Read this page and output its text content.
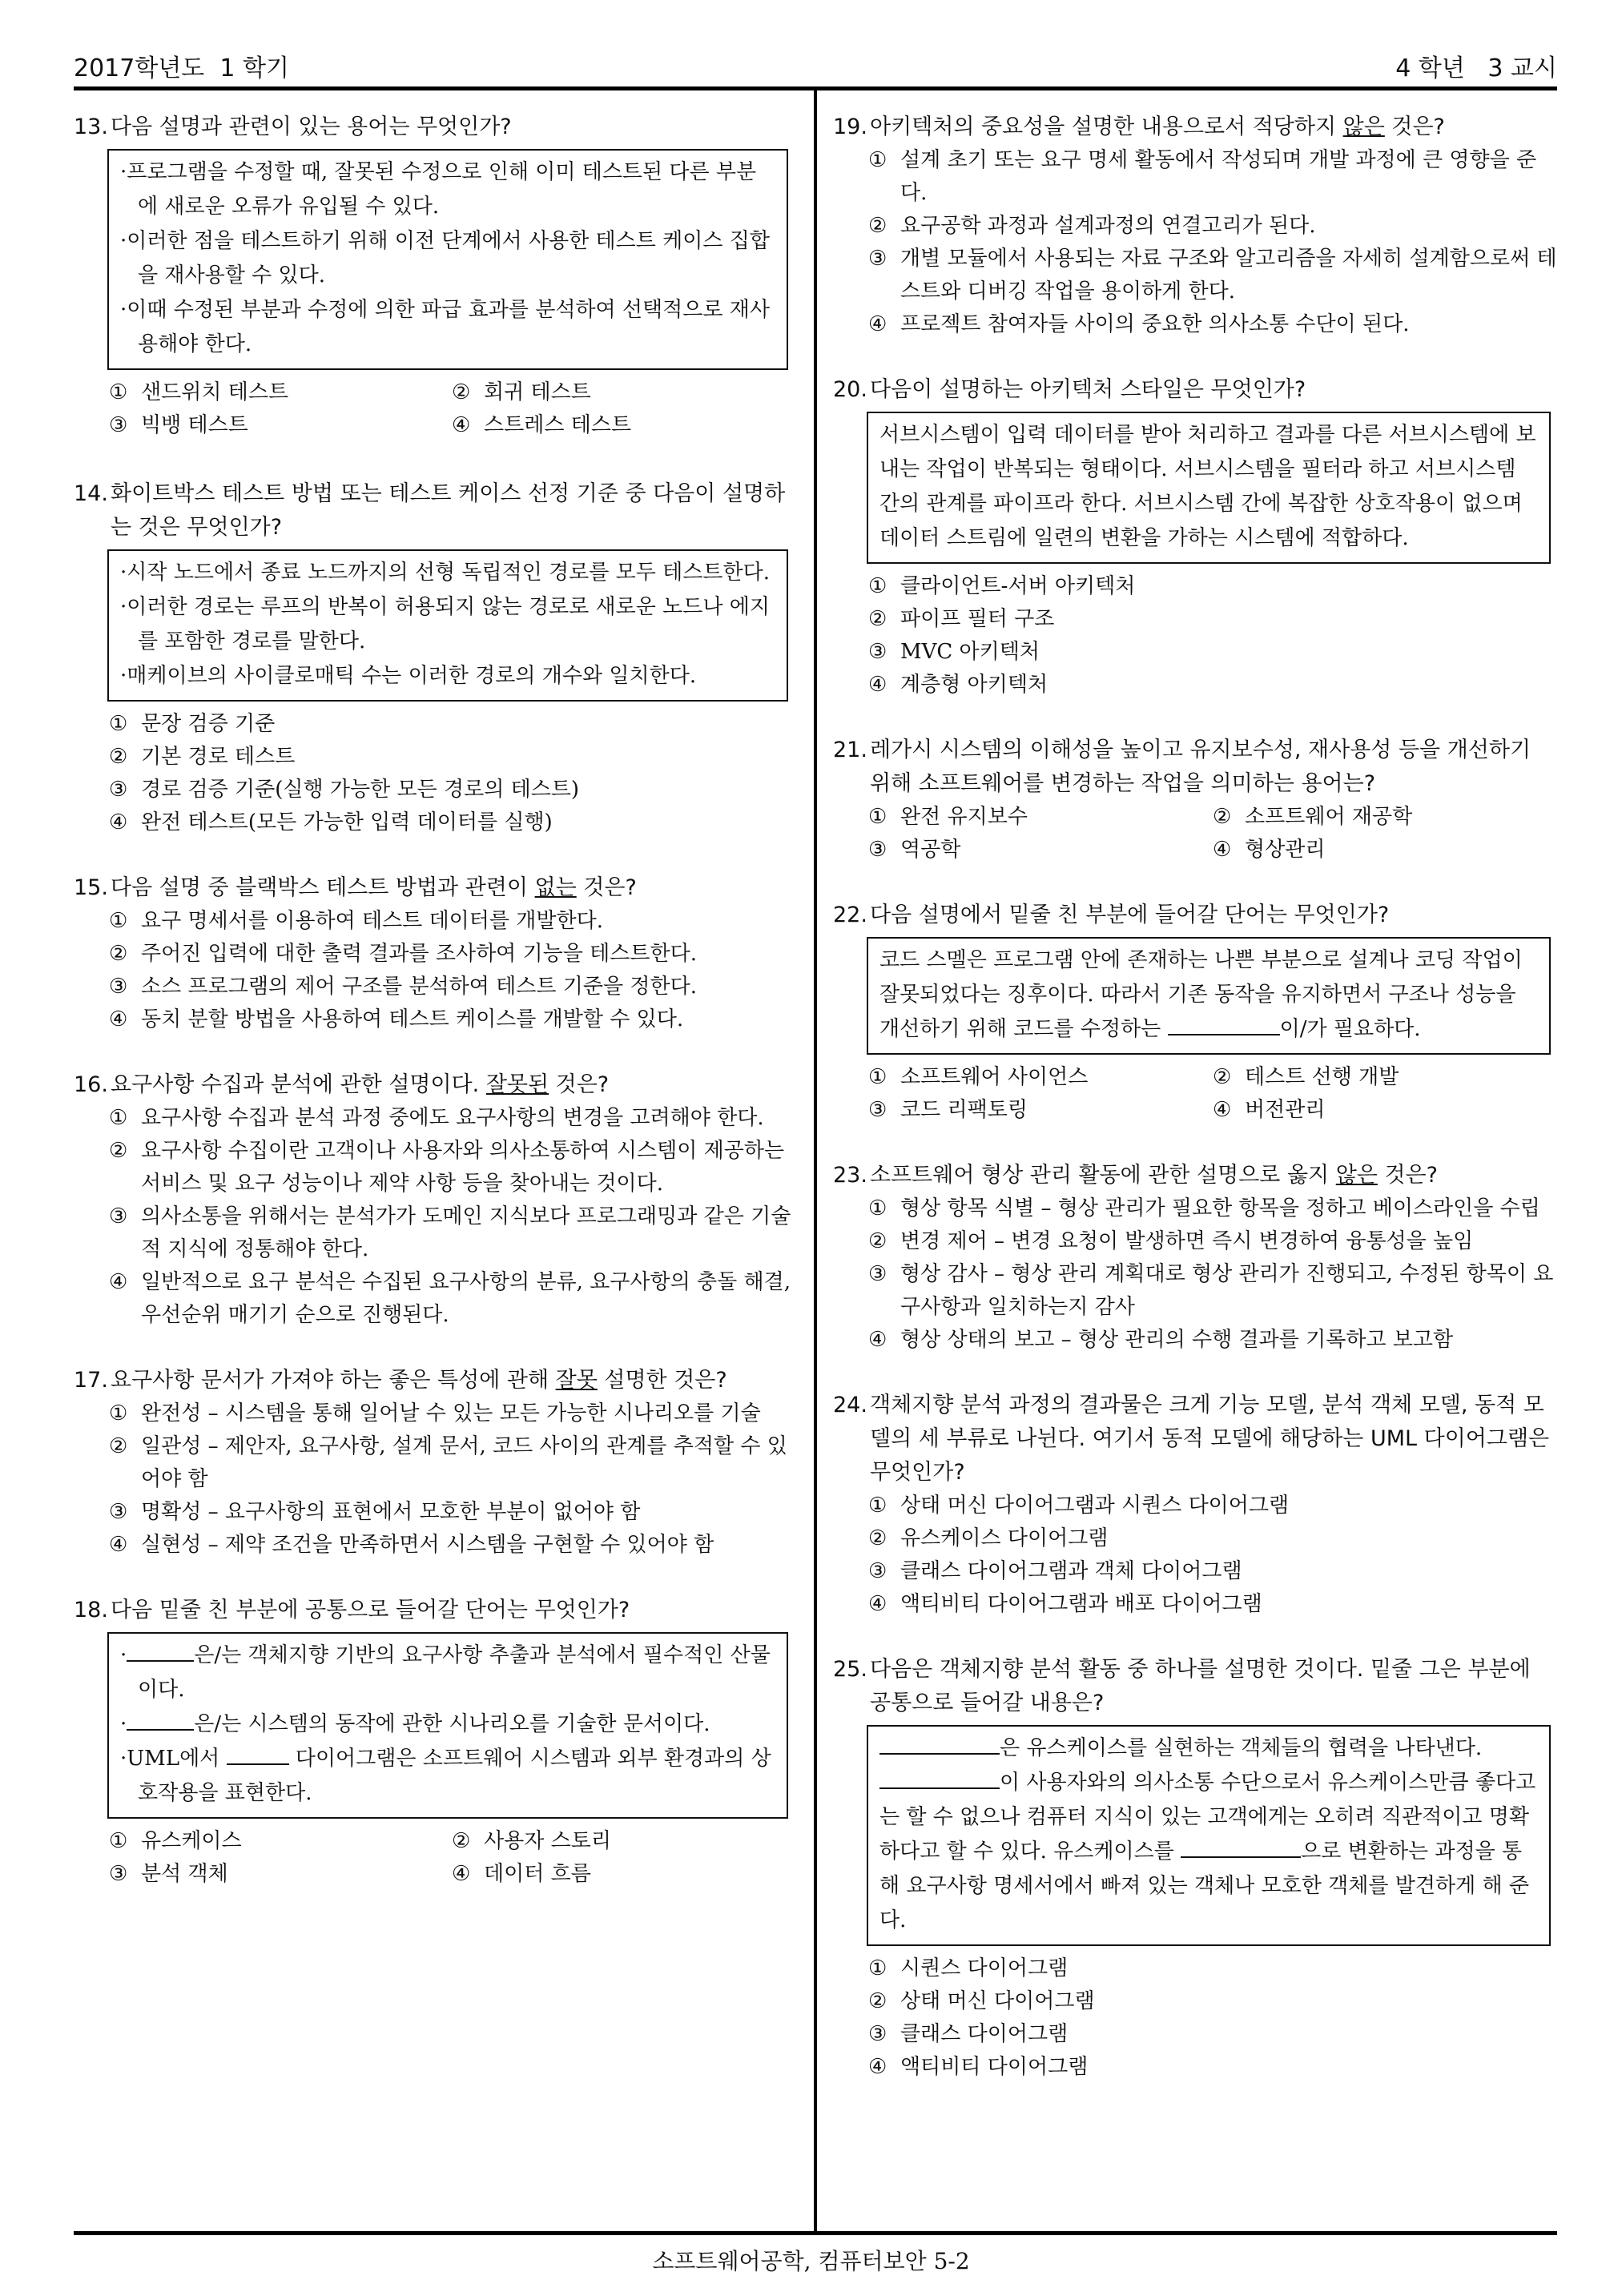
2017학년도  1 학기	4 학년   3 교시
13. 다음 설명과 관련이 있는 용어는 무엇인가?
·프로그램을 수정할 때, 잘못된 수정으로 인해 이미 테스트된 다른 부분에 새로운 오류가 유입될 수 있다.
·이러한 점을 테스트하기 위해 이전 단계에서 사용한 테스트 케이스 집합을 재사용할 수 있다.
·이때 수정된 부분과 수정에 의한 파급 효과를 분석하여 선택적으로 재사용해야 한다.
① 샌드위치 테스트	② 회귀 테스트
③ 빅뱅 테스트	④ 스트레스 테스트
14. 화이트박스 테스트 방법 또는 테스트 케이스 선정 기준 중 다음이 설명하는 것은 무엇인가?
·시작 노드에서 종료 노드까지의 선형 독립적인 경로를 모두 테스트한다.
·이러한 경로는 루프의 반복이 허용되지 않는 경로로 새로운 노드나 에지를 포함한 경로를 말한다.
·매케이브의 사이클로매틱 수는 이러한 경로의 개수와 일치한다.
① 문장 검증 기준
② 기본 경로 테스트
③ 경로 검증 기준(실행 가능한 모든 경로의 테스트)
④ 완전 테스트(모든 가능한 입력 데이터를 실행)
15. 다음 설명 중 블랙박스 테스트 방법과 관련이 없는 것은?
① 요구 명세서를 이용하여 테스트 데이터를 개발한다.
② 주어진 입력에 대한 출력 결과를 조사하여 기능을 테스트한다.
③ 소스 프로그램의 제어 구조를 분석하여 테스트 기준을 정한다.
④ 동치 분할 방법을 사용하여 테스트 케이스를 개발할 수 있다.
16. 요구사항 수집과 분석에 관한 설명이다. 잘못된 것은?
① 요구사항 수집과 분석 과정 중에도 요구사항의 변경을 고려해야 한다.
② 요구사항 수집이란 고객이나 사용자와 의사소통하여 시스템이 제공하는 서비스 및 요구 성능이나 제약 사항 등을 찾아내는 것이다.
③ 의사소통을 위해서는 분석가가 도메인 지식보다 프로그래밍과 같은 기술적 지식에 정통해야 한다.
④ 일반적으로 요구 분석은 수집된 요구사항의 분류, 요구사항의 충돌 해결, 우선순위 매기기 순으로 진행된다.
17. 요구사항 문서가 가져야 하는 좋은 특성에 관해 잘못 설명한 것은?
① 완전성 – 시스템을 통해 일어날 수 있는 모든 가능한 시나리오를 기술
② 일관성 – 제안자, 요구사항, 설계 문서, 코드 사이의 관계를 추적할 수 있어야 함
③ 명확성 – 요구사항의 표현에서 모호한 부분이 없어야 함
④ 실현성 – 제약 조건을 만족하면서 시스템을 구현할 수 있어야 함
18. 다음 밑줄 친 부분에 공통으로 들어갈 단어는 무엇인가?
·	은/는 객체지향 기반의 요구사항 추출과 분석에서 필수적인 산물이다.
·	은/는 시스템의 동작에 관한 시나리오를 기술한 문서이다.
·UML에서	다이어그램은 소프트웨어 시스템과 외부 환경과의 상호작용을 표현한다.
① 유스케이스	② 사용자 스토리
③ 분석 객체	④ 데이터 흐름
19. 아키텍처의 중요성을 설명한 내용으로서 적당하지 않은 것은?
① 설계 초기 또는 요구 명세 활동에서 작성되며 개발 과정에 큰 영향을 준다.
② 요구공학 과정과 설계과정의 연결고리가 된다.
③ 개별 모듈에서 사용되는 자료 구조와 알고리즘을 자세히 설계함으로써 테스트와 디버깅 작업을 용이하게 한다.
④ 프로젝트 참여자들 사이의 중요한 의사소통 수단이 된다.
20. 다음이 설명하는 아키텍처 스타일은 무엇인가?
서브시스템이 입력 데이터를 받아 처리하고 결과를 다른 서브시스템에 보내는 작업이 반복되는 형태이다. 서브시스템을 필터라 하고 서브시스템 간의 관계를 파이프라 한다. 서브시스템 간에 복잡한 상호작용이 없으며 데이터 스트림에 일련의 변환을 가하는 시스템에 적합하다.
① 클라이언트-서버 아키텍처
② 파이프 필터 구조
③ MVC 아키텍처
④ 계층형 아키텍처
21. 레가시 시스템의 이해성을 높이고 유지보수성, 재사용성 등을 개선하기 위해 소프트웨어를 변경하는 작업을 의미하는 용어는?
① 완전 유지보수	② 소프트웨어 재공학
③ 역공학	④ 형상관리
22. 다음 설명에서 밑줄 친 부분에 들어갈 단어는 무엇인가?
코드 스멜은 프로그램 안에 존재하는 나쁜 부분으로 설계나 코딩 작업이 잘못되었다는 징후이다. 따라서 기존 동작을 유지하면서 구조나 성능을 개선하기 위해 코드를 수정하는	이/가 필요하다.
① 소프트웨어 사이언스	② 테스트 선행 개발
③ 코드 리팩토링	④ 버전관리
23. 소프트웨어 형상 관리 활동에 관한 설명으로 옳지 않은 것은?
① 형상 항목 식별 – 형상 관리가 필요한 항목을 정하고 베이스라인을 수립
② 변경 제어 – 변경 요청이 발생하면 즉시 변경하여 융통성을 높임
③ 형상 감사 – 형상 관리 계획대로 형상 관리가 진행되고, 수정된 항목이 요구사항과 일치하는지 감사
④ 형상 상태의 보고 – 형상 관리의 수행 결과를 기록하고 보고함
24. 객체지향 분석 과정의 결과물은 크게 기능 모델, 분석 객체 모델, 동적 모델의 세 부류로 나뉜다. 여기서 동적 모델에 해당하는 UML 다이어그램은 무엇인가?
① 상태 머신 다이어그램과 시퀀스 다이어그램
② 유스케이스 다이어그램
③ 클래스 다이어그램과 객체 다이어그램
④ 액티비티 다이어그램과 배포 다이어그램
25. 다음은 객체지향 분석 활동 중 하나를 설명한 것이다. 밑줄 그은 부분에 공통으로 들어갈 내용은?
은 유스케이스를 실현하는 객체들의 협력을 나타낸다. 이 사용자와의 의사소통 수단으로서 유스케이스만큼 좋다고는 할 수 없으나 컴퓨터 지식이 있는 고객에게는 오히려 직관적이고 명확하다고 할 수 있다. 유스케이스를	으로 변환하는 과정을 통해 요구사항 명세서에서 빠져 있는 객체나 모호한 객체를 발견하게 해 준다.
① 시퀀스 다이어그램
② 상태 머신 다이어그램
③ 클래스 다이어그램
④ 액티비티 다이어그램
소프트웨어공학, 컴퓨터보안 5-2
